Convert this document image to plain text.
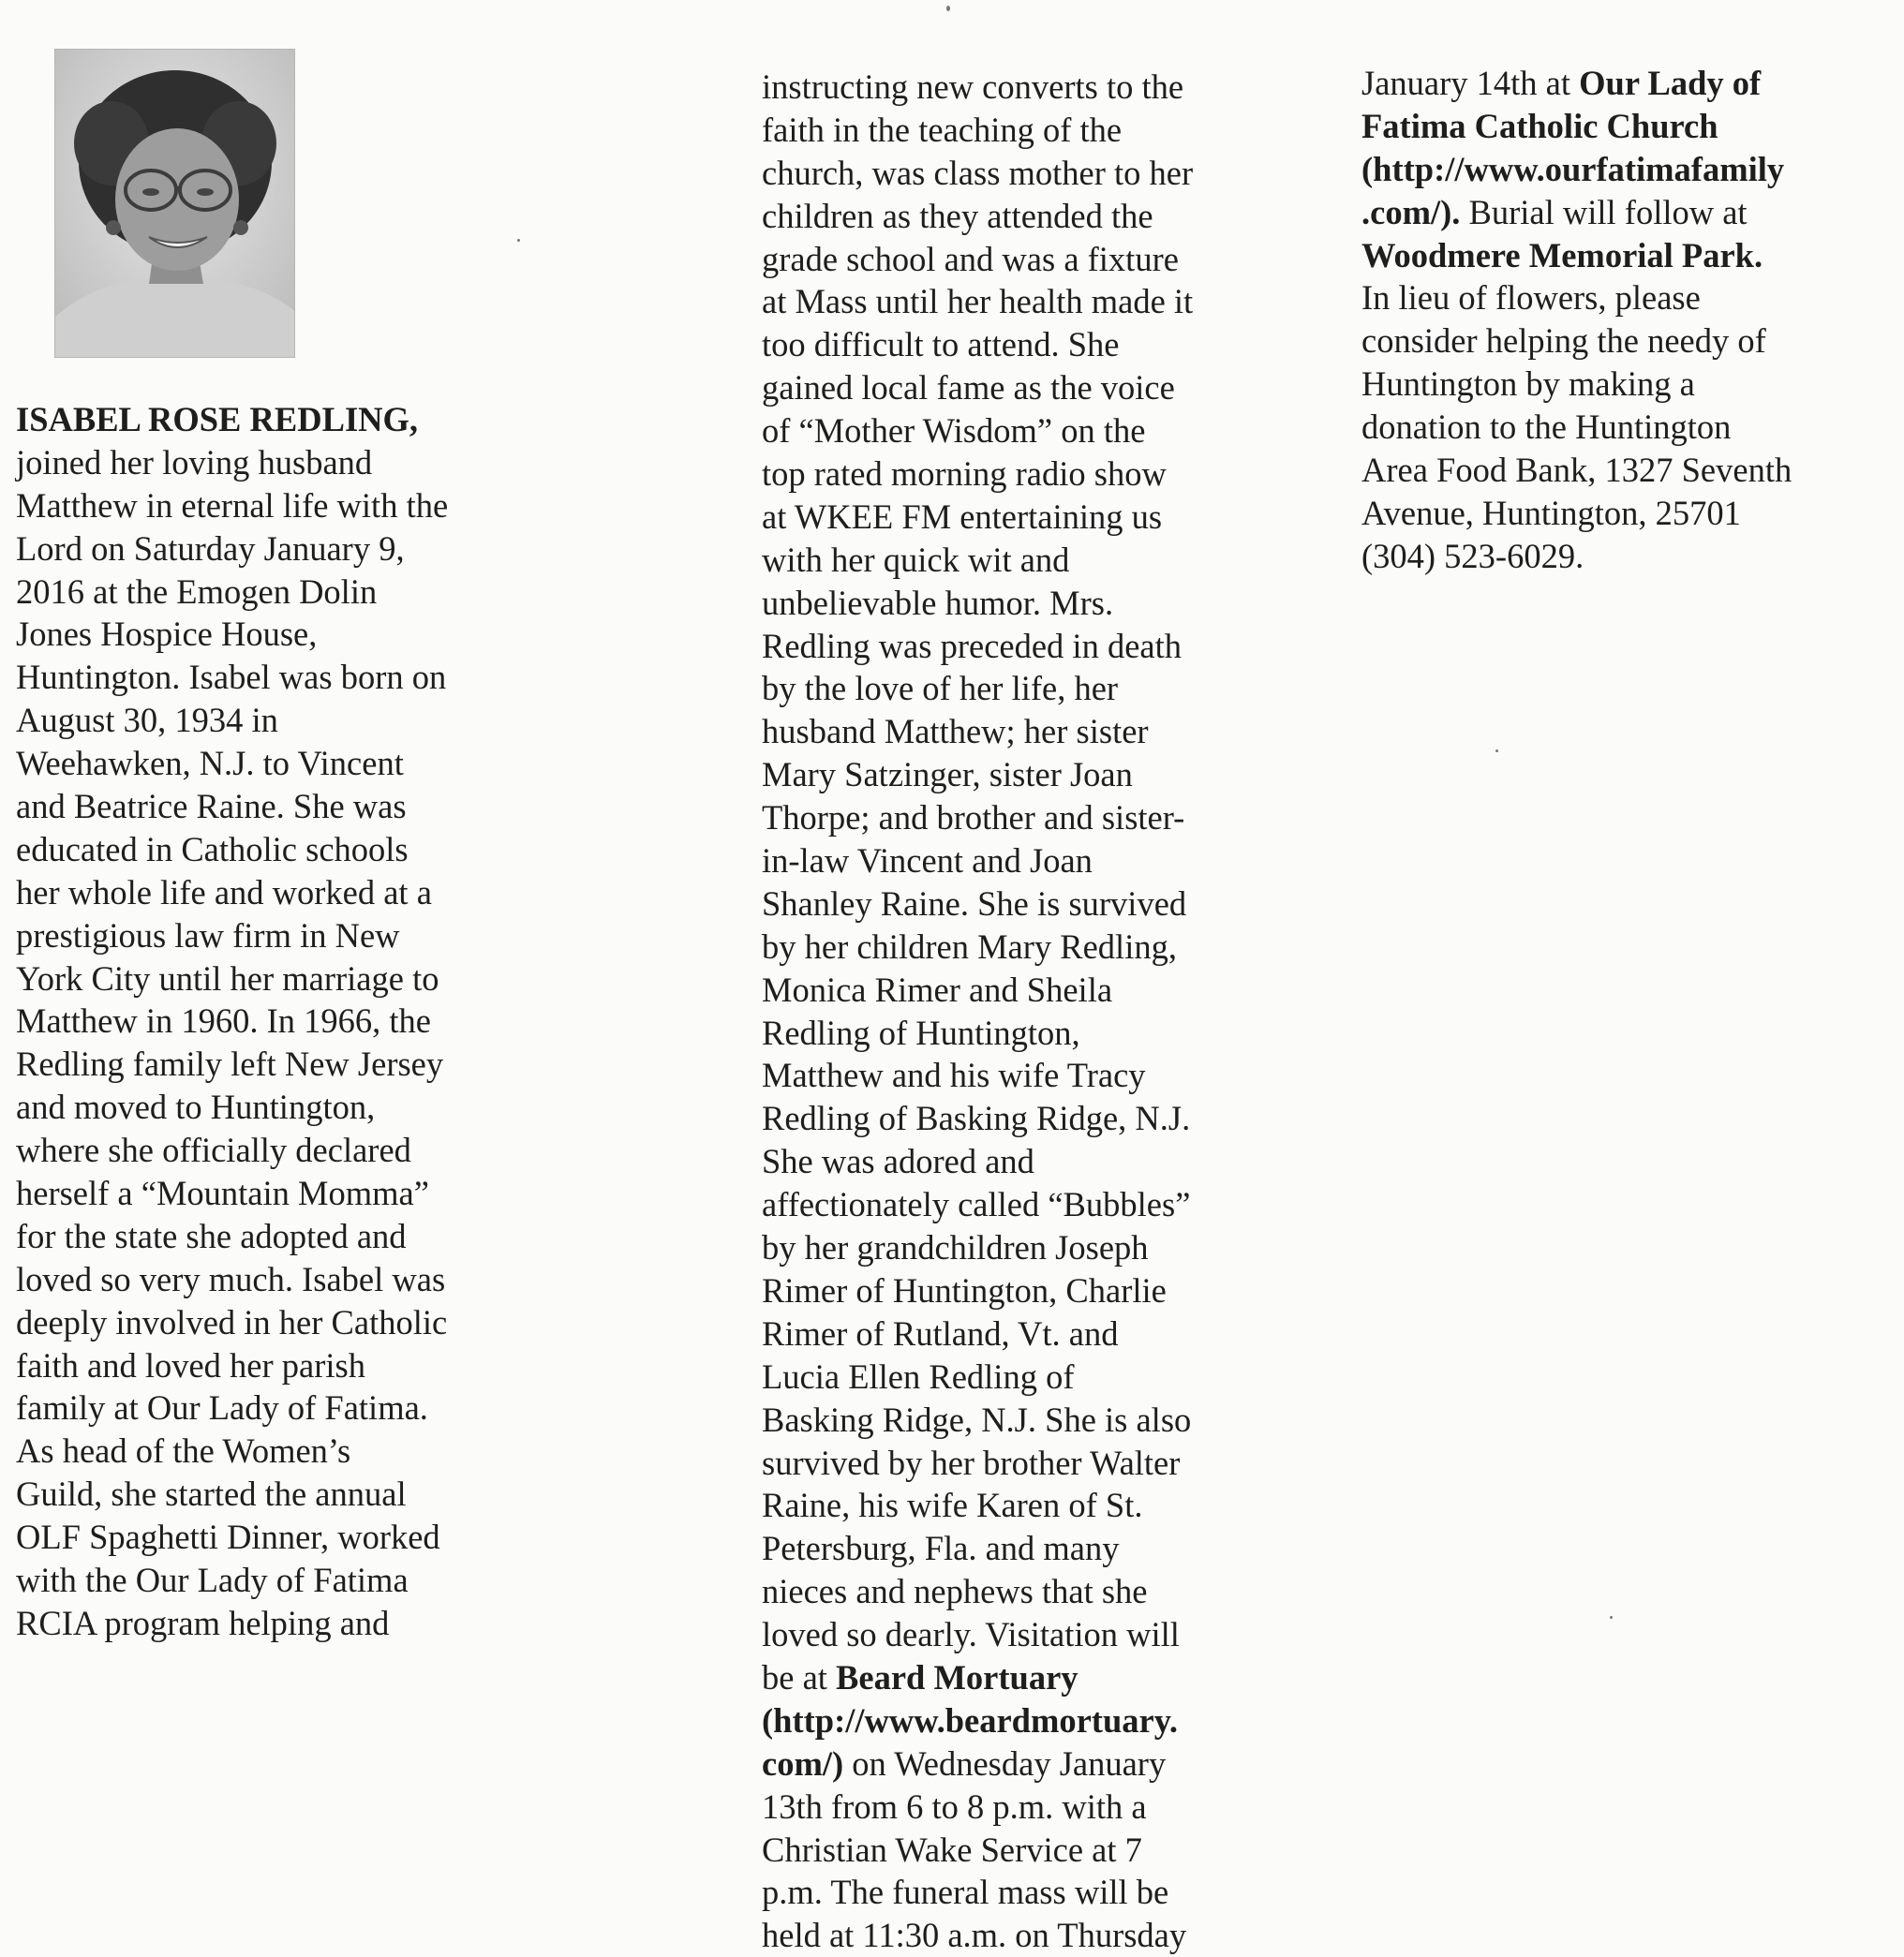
ISABEL ROSE REDLING,
joined her loving husband
Matthew in eternal life with the
Lord on Saturday January 9,
2016 at the Emogen Dolin
Jones Hospice House,
Huntington. Isabel was born on
August 30, 1934 in
Weehawken, N.J. to Vincent
and Beatrice Raine. She was
educated in Catholic schools
her whole life and worked at a
prestigious law firm in New
York City until her marriage to
Matthew in 1960. In 1966, the
Redling family left New Jersey
and moved to Huntington,
where she officially declared
herself a “Mountain Momma”
for the state she adopted and
loved so very much. Isabel was
deeply involved in her Catholic
faith and loved her parish
family at Our Lady of Fatima.
As head of the Women’s
Guild, she started the annual
OLF Spaghetti Dinner, worked
with the Our Lady of Fatima
RCIA program helping and
instructing new converts to the
faith in the teaching of the
church, was class mother to her
children as they attended the
grade school and was a fixture
at Mass until her health made it
too difficult to attend. She
gained local fame as the voice
of “Mother Wisdom” on the
top rated morning radio show
at WKEE FM entertaining us
with her quick wit and
unbelievable humor. Mrs.
Redling was preceded in death
by the love of her life, her
husband Matthew; her sister
Mary Satzinger, sister Joan
Thorpe; and brother and sister-
in-law Vincent and Joan
Shanley Raine. She is survived
by her children Mary Redling,
Monica Rimer and Sheila
Redling of Huntington,
Matthew and his wife Tracy
Redling of Basking Ridge, N.J.
She was adored and
affectionately called “Bubbles”
by her grandchildren Joseph
Rimer of Huntington, Charlie
Rimer of Rutland, Vt. and
Lucia Ellen Redling of
Basking Ridge, N.J. She is also
survived by her brother Walter
Raine, his wife Karen of St.
Petersburg, Fla. and many
nieces and nephews that she
loved so dearly. Visitation will
be at Beard Mortuary
(http://www.beardmortuary.
com/) on Wednesday January
13th from 6 to 8 p.m. with a
Christian Wake Service at 7
p.m. The funeral mass will be
held at 11:30 a.m. on Thursday
January 14th at Our Lady of
Fatima Catholic Church
(http://www.ourfatimafamily
.com/). Burial will follow at
Woodmere Memorial Park.
In lieu of flowers, please
consider helping the needy of
Huntington by making a
donation to the Huntington
Area Food Bank, 1327 Seventh
Avenue, Huntington, 25701
(304) 523-6029.
